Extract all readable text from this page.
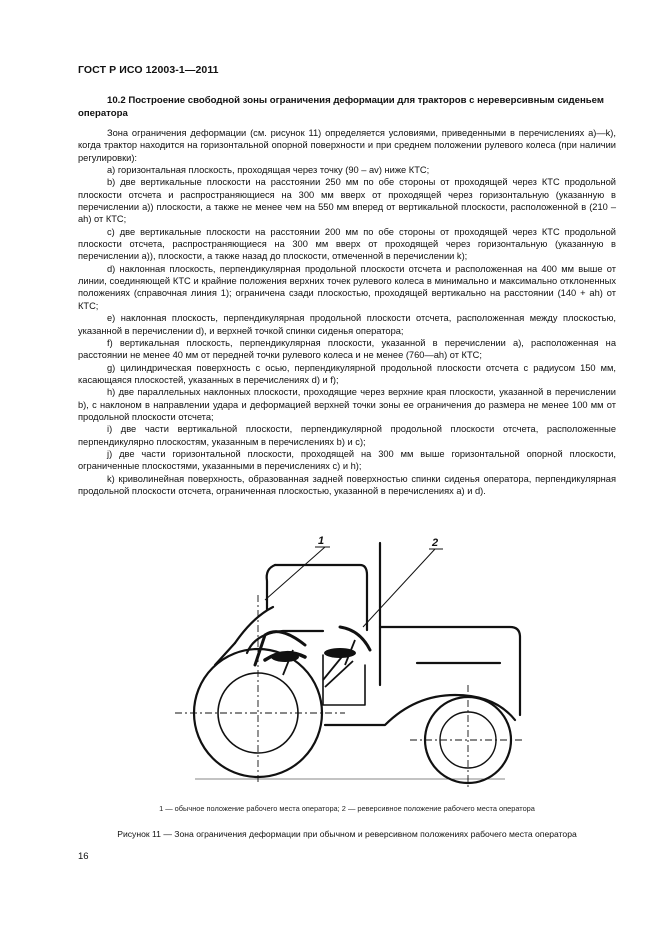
ГОСТ Р ИСО 12003-1—2011
10.2 Построение свободной зоны ограничения деформации для тракторов с нереверсивным сиденьем оператора

Зона ограничения деформации (см. рисунок 11) определяется условиями, приведенными в перечислениях а)—k), когда трактор находится на горизонтальной опорной поверхности и при среднем положении рулевого колеса (при наличии регулировки):

a) горизонтальная плоскость, проходящая через точку (90 – av) ниже КТС;

b) две вертикальные плоскости на расстоянии 250 мм по обе стороны от проходящей через КТС продольной плоскости отсчета и распространяющиеся на 300 мм вверх от проходящей через горизонтальную (указанную в перечислении а)) плоскости, а также не менее чем на 550 мм вперед от вертикальной плоскости, расположенной в (210 – ah) от КТС;

c) две вертикальные плоскости на расстоянии 200 мм по обе стороны от проходящей через КТС продольной плоскости отсчета, распространяющиеся на 300 мм вверх от проходящей через горизонтальную (указанную в перечислении а)), плоскости, а также назад до плоскости, отмеченной в перечислении k);

d) наклонная плоскость, перпендикулярная продольной плоскости отсчета и расположенная на 400 мм выше от линии, соединяющей КТС и крайние положения верхних точек рулевого колеса в минимально и максимально отклоненных положениях (справочная линия 1); ограничена сзади плоскостью, проходящей вертикально на расстоянии (140 + ah) от КТС;

e) наклонная плоскость, перпендикулярная продольной плоскости отсчета, расположенная между плоскостью, указанной в перечислении d), и верхней точкой спинки сиденья оператора;

f) вертикальная плоскость, перпендикулярная плоскости, указанной в перечислении а), расположенная на расстоянии не менее 40 мм от передней точки рулевого колеса и не менее (760—ah) от КТС;

g) цилиндрическая поверхность с осью, перпендикулярной продольной плоскости отсчета с радиусом 150 мм, касающаяся плоскостей, указанных в перечислениях d) и f);

h) две параллельных наклонных плоскости, проходящие через верхние края плоскости, указанной в перечислении b), с наклоном в направлении удара и деформацией верхней точки зоны ее ограничения до размера не менее 100 мм от продольной плоскости отсчета;

i) две части вертикальной плоскости, перпендикулярной продольной плоскости отсчета, расположенные перпендикулярно плоскостям, указанным в перечислениях b) и c);

j) две части горизонтальной плоскости, проходящей на 300 мм выше горизонтальной опорной плоскости, ограниченные плоскостями, указанными в перечислениях с) и h);

k) криволинейная поверхность, образованная задней поверхностью спинки сиденья оператора, перпендикулярная продольной плоскости отсчета, ограниченная плоскостью, указанной в перечислениях а) и d).

1	2
1 — обычное положение рабочего места оператора; 2 — реверсивное положение рабочего места оператора
Рисунок 11 — Зона ограничения деформации при обычном и реверсивном положениях рабочего места оператора
16
